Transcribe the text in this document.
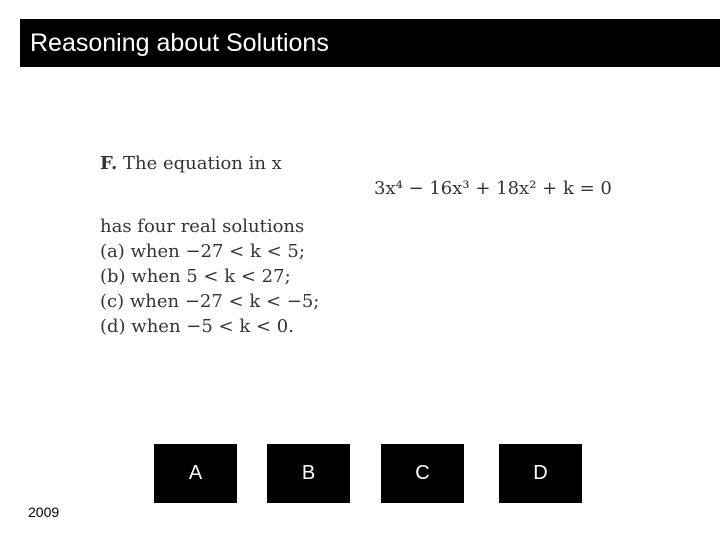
Reasoning about Solutions
F. The equation in x
3x⁴ − 16x³ + 18x² + k = 0
has four real solutions
(a) when −27 < k < 5;
(b) when 5 < k < 27;
(c) when −27 < k < −5;
(d) when −5 < k < 0.
A	B	C	D
2009
